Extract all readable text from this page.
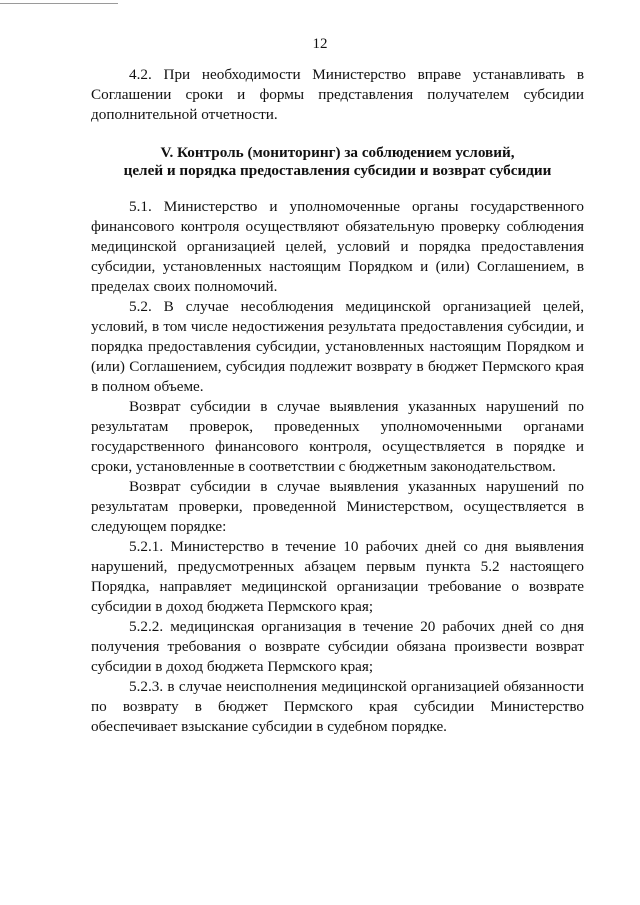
12

4.2. При необходимости Министерство вправе устанавливать в Соглашении сроки и формы представления получателем субсидии дополнительной отчетности.

V. Контроль (мониторинг) за соблюдением условий,
целей и порядка предоставления субсидии и возврат субсидии

5.1. Министерство и уполномоченные органы государственного финансового контроля осуществляют обязательную проверку соблюдения медицинской организацией целей, условий и порядка предоставления субсидии, установленных настоящим Порядком и (или) Соглашением, в пределах своих полномочий.

5.2. В случае несоблюдения медицинской организацией целей, условий, в том числе недостижения результата предоставления субсидии, и порядка предоставления субсидии, установленных настоящим Порядком и (или) Соглашением, субсидия подлежит возврату в бюджет Пермского края в полном объеме.

Возврат субсидии в случае выявления указанных нарушений по результатам проверок, проведенных уполномоченными органами государственного финансового контроля, осуществляется в порядке и сроки, установленные в соответствии с бюджетным законодательством.

Возврат субсидии в случае выявления указанных нарушений по результатам проверки, проведенной Министерством, осуществляется в следующем порядке:

5.2.1. Министерство в течение 10 рабочих дней со дня выявления нарушений, предусмотренных абзацем первым пункта 5.2 настоящего Порядка, направляет медицинской организации требование о возврате субсидии в доход бюджета Пермского края;

5.2.2. медицинская организация в течение 20 рабочих дней со дня получения требования о возврате субсидии обязана произвести возврат субсидии в доход бюджета Пермского края;

5.2.3. в случае неисполнения медицинской организацией обязанности по возврату в бюджет Пермского края субсидии Министерство обеспечивает взыскание субсидии в судебном порядке.
